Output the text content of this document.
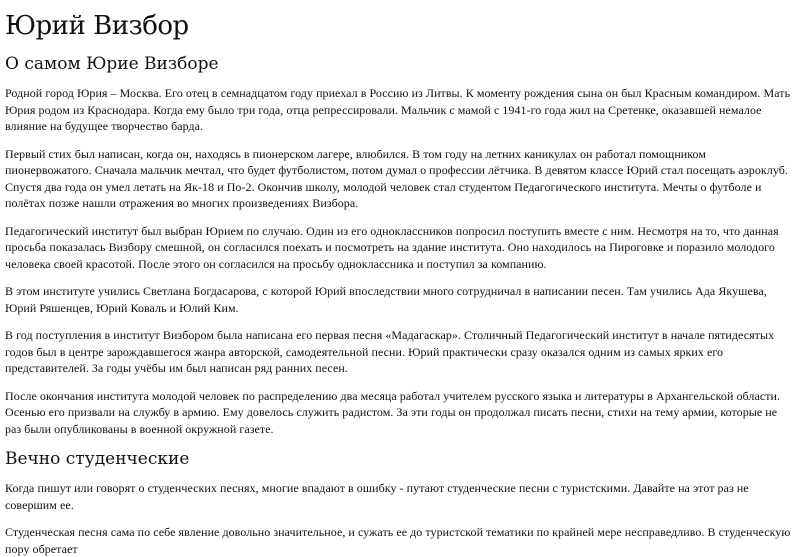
Юрий Визбор
О самом Юрие Визборе

Родной город Юрия – Москва. Его отец в семнадцатом году приехал в Россию из Литвы. К моменту рождения сына он был Красным командиром. Мать Юрия родом из Краснодара. Когда ему было три года, отца репрессировали. Мальчик с мамой с 1941-го года жил на Сретенке, оказавшей немалое влияние на будущее творчество барда.

Первый стих был написан, когда он, находясь в пионерском лагере, влюбился. В том году на летних каникулах он работал помощником пионервожатого. Сначала мальчик мечтал, что будет футболистом, потом думал о профессии лётчика. В девятом классе Юрий стал посещать аэроклуб. Спустя два года он умел летать на Як-18 и По-2. Окончив школу, молодой человек стал студентом Педагогического института. Мечты о футболе и полётах позже нашли отражения во многих произведениях Визбора.

Педагогический институт был выбран Юрием по случаю. Один из его одноклассников попросил поступить вместе с ним. Несмотря на то, что данная просьба показалась Визбору смешной, он согласился поехать и посмотреть на здание института. Оно находилось на Пироговке и поразило молодого человека своей красотой. После этого он согласился на просьбу одноклассника и поступил за компанию.

В этом институте учились Светлана Богдасарова, с которой Юрий впоследствии много сотрудничал в написании песен. Там учились Ада Якушева, Юрий Ряшенцев, Юрий Коваль и Юлий Ким.

В год поступления в институт Визбором была написана его первая песня «Мадагаскар». Столичный Педагогический институт в начале пятидесятых годов был в центре зарождавшегося жанра авторской, самодеятельной песни. Юрий практически сразу оказался одним из самых ярких его представителей. За годы учёбы им был написан ряд ранних песен.

После окончания института молодой человек по распределению два месяца работал учителем русского языка и литературы в Архангельской области. Осенью его призвали на службу в армию. Ему довелось служить радистом. За эти годы он продолжал писать песни, стихи на тему армии, которые не раз были опубликованы в военной окружной газете.

Вечно студенческие

Когда пишут или говорят о студенческих песнях, многие впадают в ошибку - путают студенческие песни с туристскими. Давайте на этот раз не совершим ее.

Студенческая песня сама по себе явление довольно значительное, и сужать ее до туристской тематики по крайней мере несправедливо. В студенческую пору обретает
